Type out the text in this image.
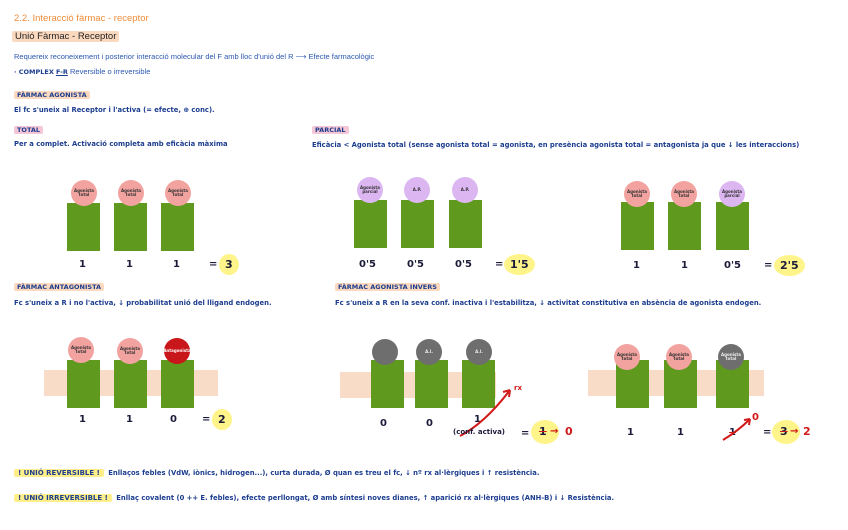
2.2. Interacció fàrmac - receptor
Unió Fàrmac - Receptor
Requereix reconeixement i posterior interacció molecular del F amb lloc d'unió del R ⟶ Efecte farmacològic
· COMPLEX F-R Reversible o irreversible
FÀRMAC AGONISTA
El fc s'uneix al Receptor i l'activa (= efecte, ⊕ conc).
TOTAL
Per a complet. Activació completa amb eficàcia màxima
PARCIAL
Eficàcia < Agonista total (sense agonista total = agonista, en presència agonista total = antagonista ja que ↓ les interaccions)
Agonista total
Agonista total
Agonista total
1	1	1	= 3
Agonista parcial	A.P.	A.P.
0'5	0'5	0'5 = 1'5
Agonista total
Agonista total
Agonista parcial
1	1	0'5 = 2'5
FÀRMAC ANTAGONISTA
Fc s'uneix a R i no l'activa, ↓ probabilitat unió del lligand endogen.
FÀRMAC AGONISTA INVERS
Fc s'uneix a R en la seva conf. inactiva i l'estabilitza, ↓ activitat constitutiva en absència de agonista endogen.
Agonista total
Agonista total	Antagonista
1	1	0	= 2
A.I.	A.I.
0	0	1
rx
(conf. activa) = 1 → 0
Agonista total
Agonista total
Agonista total
1	1	1
0
= 3 → 2
! UNIÓ REVERSIBLE ! Enllaços febles (VdW, iònics, hidrogen...), curta durada, Ø quan es treu el fc, ↓ nº rx al·lèrgiques i ↑ resistència.
! UNIÓ IRREVERSIBLE ! Enllaç covalent (0 ++ E. febles), efecte perllongat, Ø amb síntesi noves dianes, ↑ aparició rx al·lèrgiques (ANH-B) i ↓ Resistència.
